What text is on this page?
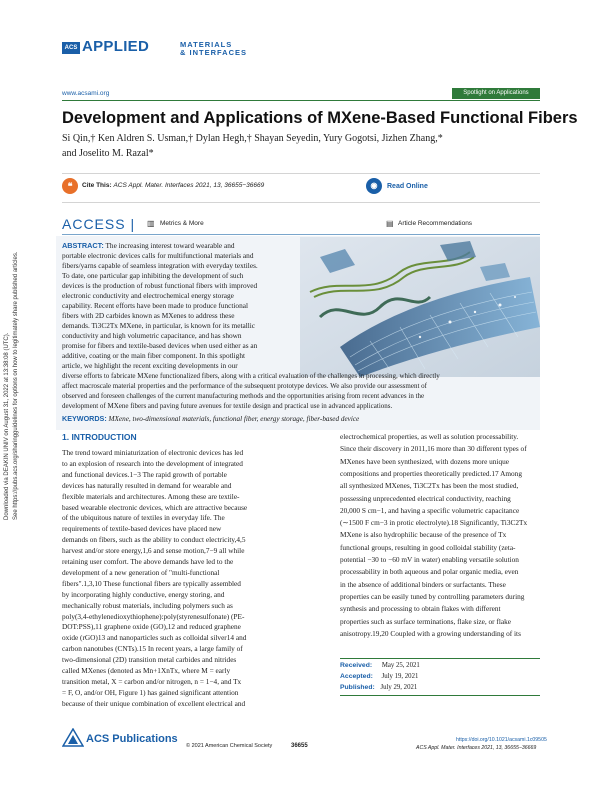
ACS APPLIED	MATERIALS
& INTERFACES
www.acsami.org	Spotlight on Applications
Development and Applications of MXene-Based Functional Fibers
Si Qin,† Ken Aldren S. Usman,† Dylan Hegh,† Shayan Seyedin, Yury Gogotsi, Jizhen Zhang,*
and Joselito M. Razal*
❝	Cite This: ACS Appl. Mater. Interfaces 2021, 13, 36655−36669	◉	Read Online
ACCESS | ▥ Metrics & More	▤ Article Recommendations
ABSTRACT: The increasing interest toward wearable and
portable electronic devices calls for multifunctional materials and
fibers/yarns capable of seamless integration with everyday textiles.
To date, one particular gap inhibiting the development of such
devices is the production of robust functional fibers with improved
electronic conductivity and electrochemical energy storage
capability. Recent efforts have been made to produce functional
fibers with 2D carbides known as MXenes to address these
demands. Ti3C2Tx MXene, in particular, is known for its metallic
conductivity and high volumetric capacitance, and has shown
promise for fibers and textile-based devices when used either as an
additive, coating or the main fiber component. In this spotlight
article, we highlight the recent exciting developments in our
diverse efforts to fabricate MXene functionalized fibers, along with a critical evaluation of the challenges in processing, which directly
affect macroscale material properties and the performance of the subsequent prototype devices. We also provide our assessment of
observed and foreseen challenges of the current manufacturing methods and the opportunities arising from recent advances in the
development of MXene fibers and paving future avenues for textile design and practical use in advanced applications.
KEYWORDS: MXene, two-dimensional materials, functional fiber, energy storage, fiber-based device
1. INTRODUCTION
The trend toward miniaturization of electronic devices has led
to an explosion of research into the development of integrated
and functional devices.1−3 The rapid growth of portable
devices has naturally resulted in demand for wearable and
flexible materials and architectures. Among these are textile-
based wearable electronic devices, which are attractive because
of the ubiquitous nature of textiles in everyday life. The
requirements of textile-based devices have placed new
demands on fibers, such as the ability to conduct electricity,4,5
harvest and/or store energy,1,6 and sense motion,7−9 all while
retaining user comfort. The above demands have led to the
development of a new generation of "multi-functional
fibers".1,3,10 These functional fibers are typically assembled
by incorporating highly conductive, energy storing, and
mechanically robust materials, including polymers such as
poly(3,4-ethylenedioxythiophene):poly(styrenesulfonate) (PE-
DOT:PSS),11 graphene oxide (GO),12 and reduced graphene
oxide (rGO)13 and nanoparticles such as colloidal silver14 and
carbon nanotubes (CNTs).15 In recent years, a large family of
two-dimensional (2D) transition metal carbides and nitrides
called MXenes (denoted as Mn+1XnTx, where M = early
transition metal, X = carbon and/or nitrogen, n = 1−4, and Tx
= F, O, and/or OH, Figure 1) has gained significant attention
because of their unique combination of excellent electrical and
electrochemical properties, as well as solution processability.
Since their discovery in 2011,16 more than 30 different types of
MXenes have been synthesized, with dozens more unique
compositions and properties theoretically predicted.17 Among
all synthesized MXenes, Ti3C2Tx has been the most studied,
possessing unprecedented electrical conductivity, reaching
20,000 S cm−1, and having a specific volumetric capacitance
(∼1500 F cm−3 in protic electrolyte).18 Significantly, Ti3C2Tx
MXene is also hydrophilic because of the presence of Tx
functional groups, resulting in good colloidal stability (zeta-
potential −30 to −60 mV in water) enabling versatile solution
processability in both aqueous and polar organic media, even
in the absence of additional binders or surfactants. These
properties can be easily tuned by controlling parameters during
synthesis and processing to obtain flakes with different
properties such as surface terminations, flake size, or flake
anisotropy.19,20 Coupled with a growing understanding of its
Received: May 25, 2021
Accepted: July 19, 2021
Published: July 29, 2021
Downloaded via DEAKIN UNIV on August 31, 2022 at 13:38:08 (UTC). See https://pubs.acs.org/sharingguidelines for options on how to legitimately share published articles.
ACS Publications
© 2021 American Chemical Society	36655
https://doi.org/10.1021/acsami.1c09505
ACS Appl. Mater. Interfaces 2021, 13, 36655−36669
